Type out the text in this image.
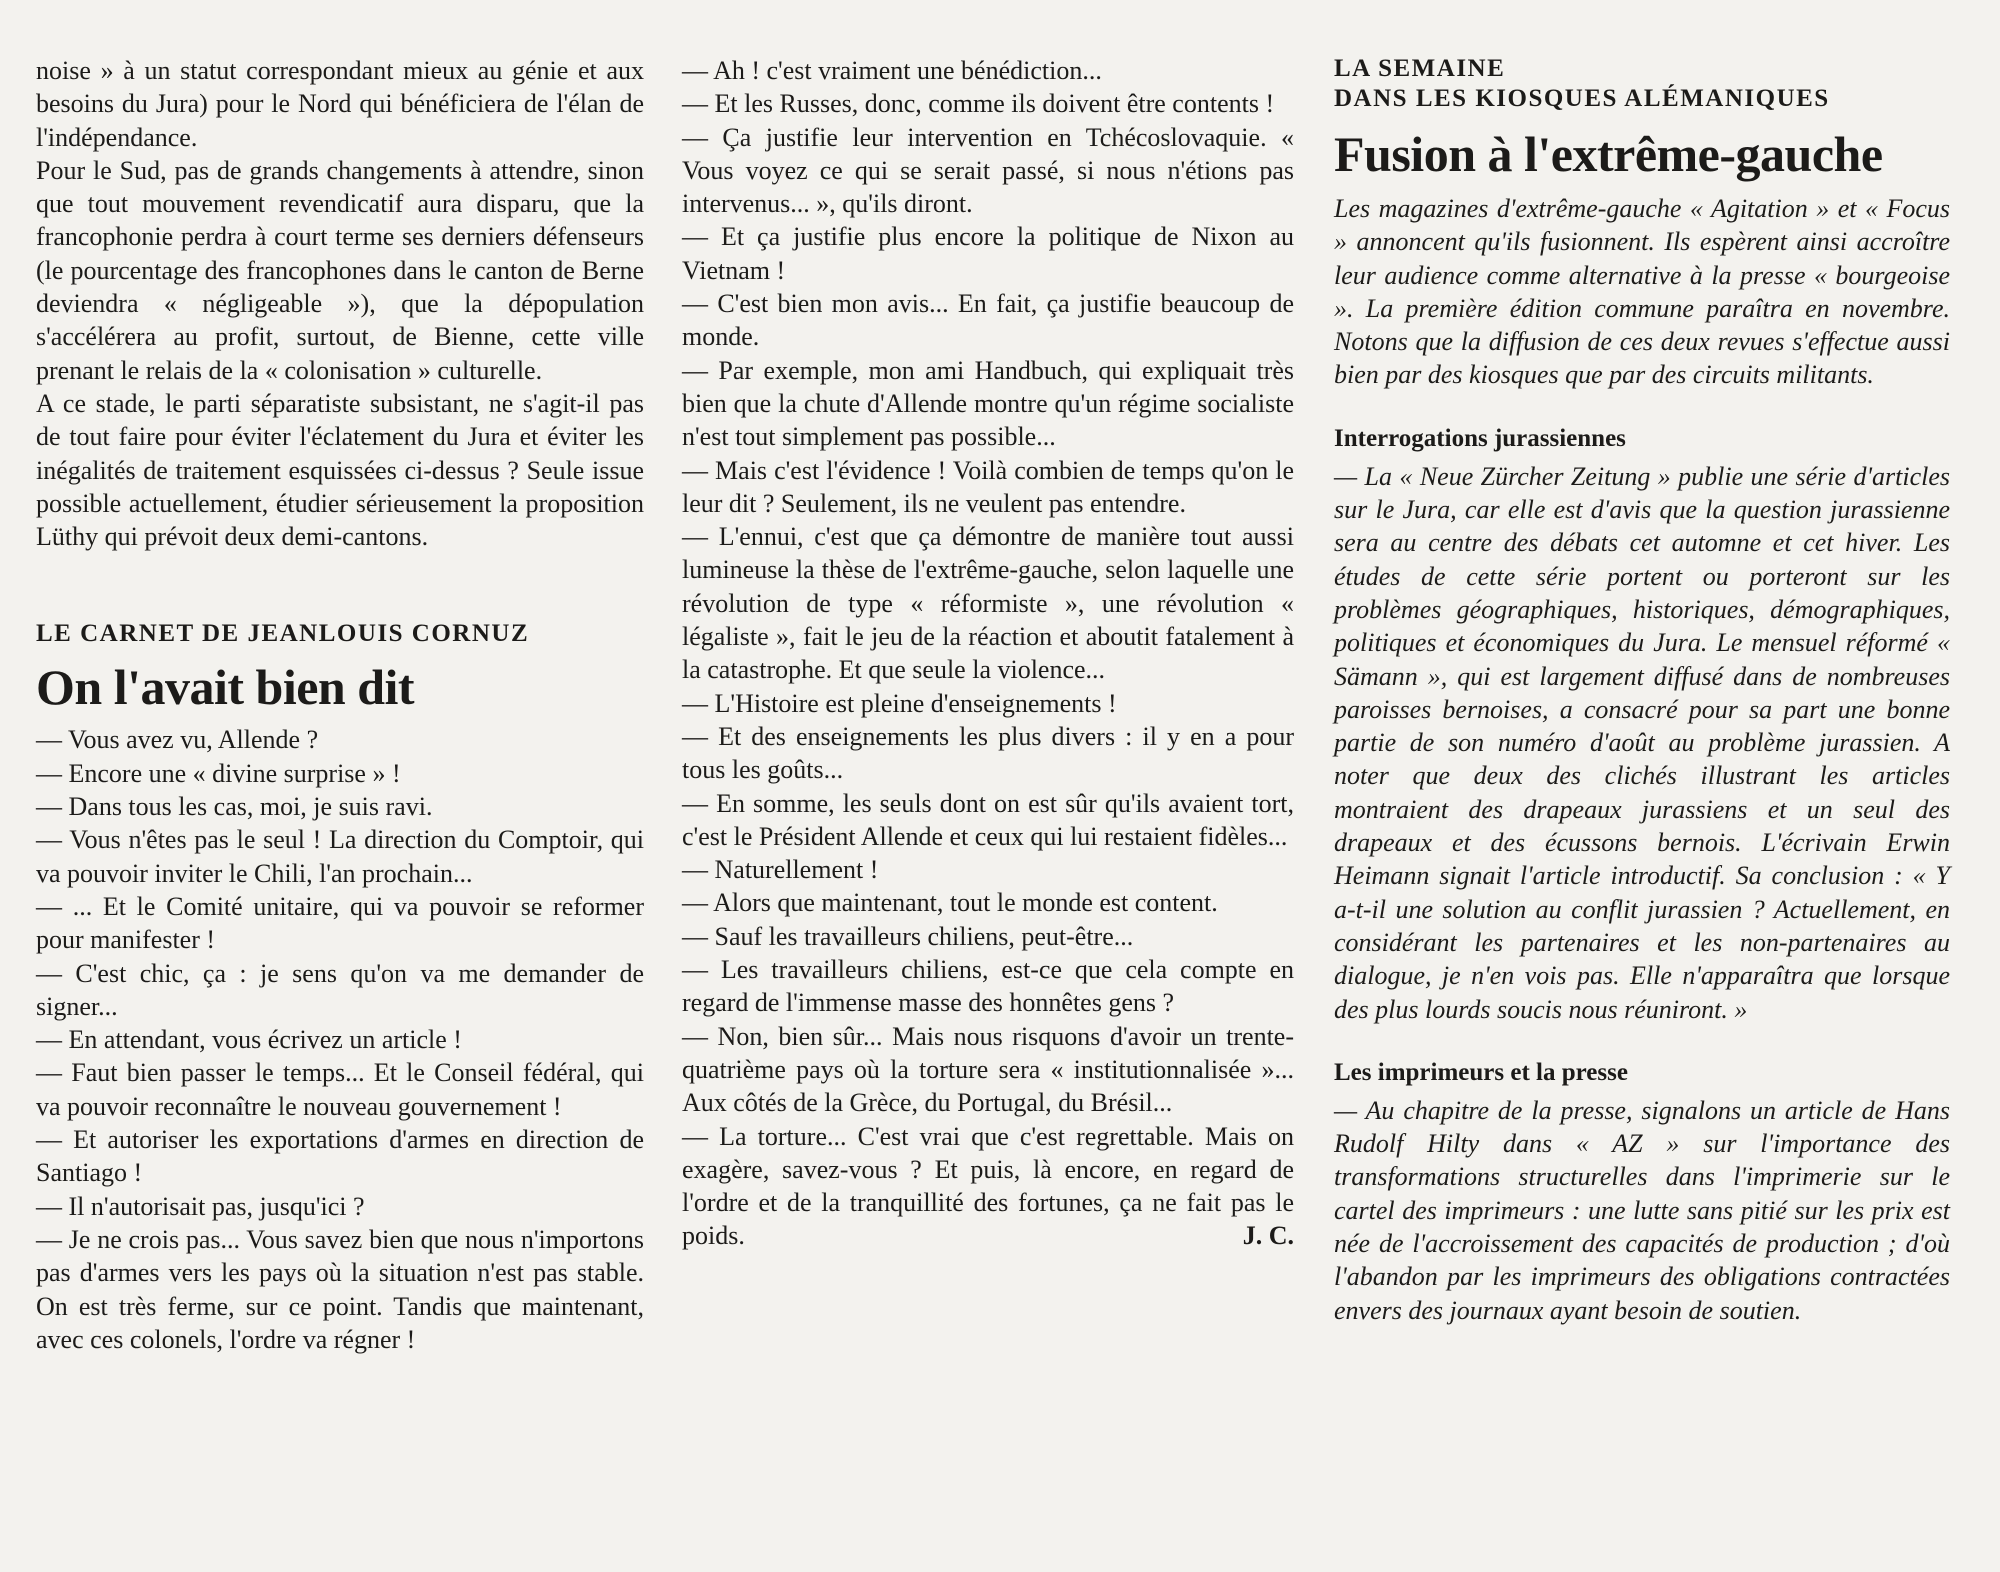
noise » à un statut correspondant mieux au génie et aux besoins du Jura) pour le Nord qui bénéficiera de l'élan de l'indépendance.

Pour le Sud, pas de grands changements à attendre, sinon que tout mouvement revendicatif aura disparu, que la francophonie perdra à court terme ses derniers défenseurs (le pourcentage des francophones dans le canton de Berne deviendra « négligeable »), que la dépopulation s'accélérera au profit, surtout, de Bienne, cette ville prenant le relais de la « colonisation » culturelle.

A ce stade, le parti séparatiste subsistant, ne s'agit-il pas de tout faire pour éviter l'éclatement du Jura et éviter les inégalités de traitement esquissées ci-dessus ? Seule issue possible actuellement, étudier sérieusement la proposition Lüthy qui prévoit deux demi-cantons.

LE CARNET DE JEANLOUIS CORNUZ
On l'avait bien dit

— Vous avez vu, Allende ?

— Encore une « divine surprise » !

— Dans tous les cas, moi, je suis ravi.

— Vous n'êtes pas le seul ! La direction du Comptoir, qui va pouvoir inviter le Chili, l'an prochain...

— ... Et le Comité unitaire, qui va pouvoir se reformer pour manifester !

— C'est chic, ça : je sens qu'on va me demander de signer...

— En attendant, vous écrivez un article !

— Faut bien passer le temps... Et le Conseil fédéral, qui va pouvoir reconnaître le nouveau gouvernement !

— Et autoriser les exportations d'armes en direction de Santiago !

— Il n'autorisait pas, jusqu'ici ?

— Je ne crois pas... Vous savez bien que nous n'importons pas d'armes vers les pays où la situation n'est pas stable. On est très ferme, sur ce point. Tandis que maintenant, avec ces colonels, l'ordre va régner !

— Ah ! c'est vraiment une bénédiction...

— Et les Russes, donc, comme ils doivent être contents !

— Ça justifie leur intervention en Tchécoslovaquie. « Vous voyez ce qui se serait passé, si nous n'étions pas intervenus... », qu'ils diront.

— Et ça justifie plus encore la politique de Nixon au Vietnam !

— C'est bien mon avis... En fait, ça justifie beaucoup de monde.

— Par exemple, mon ami Handbuch, qui expliquait très bien que la chute d'Allende montre qu'un régime socialiste n'est tout simplement pas possible...

— Mais c'est l'évidence ! Voilà combien de temps qu'on le leur dit ? Seulement, ils ne veulent pas entendre.

— L'ennui, c'est que ça démontre de manière tout aussi lumineuse la thèse de l'extrême-gauche, selon laquelle une révolution de type « réformiste », une révolution « légaliste », fait le jeu de la réaction et aboutit fatalement à la catastrophe. Et que seule la violence...

— L'Histoire est pleine d'enseignements !

— Et des enseignements les plus divers : il y en a pour tous les goûts...

— En somme, les seuls dont on est sûr qu'ils avaient tort, c'est le Président Allende et ceux qui lui restaient fidèles...

— Naturellement !

— Alors que maintenant, tout le monde est content.

— Sauf les travailleurs chiliens, peut-être...

— Les travailleurs chiliens, est-ce que cela compte en regard de l'immense masse des honnêtes gens ?

— Non, bien sûr... Mais nous risquons d'avoir un trente-quatrième pays où la torture sera « institutionnalisée »... Aux côtés de la Grèce, du Portugal, du Brésil...

— La torture... C'est vrai que c'est regrettable. Mais on exagère, savez-vous ? Et puis, là encore, en regard de l'ordre et de la tranquillité des fortunes, ça ne fait pas le poids.	J. C.

LA SEMAINE
DANS LES KIOSQUES ALÉMANIQUES
Fusion à l'extrême-gauche

Les magazines d'extrême-gauche « Agitation » et « Focus » annoncent qu'ils fusionnent. Ils espèrent ainsi accroître leur audience comme alternative à la presse « bourgeoise ». La première édition commune paraîtra en novembre. Notons que la diffusion de ces deux revues s'effectue aussi bien par des kiosques que par des circuits militants.

Interrogations jurassiennes

— La « Neue Zürcher Zeitung » publie une série d'articles sur le Jura, car elle est d'avis que la question jurassienne sera au centre des débats cet automne et cet hiver. Les études de cette série portent ou porteront sur les problèmes géographiques, historiques, démographiques, politiques et économiques du Jura. Le mensuel réformé « Sämann », qui est largement diffusé dans de nombreuses paroisses bernoises, a consacré pour sa part une bonne partie de son numéro d'août au problème jurassien. A noter que deux des clichés illustrant les articles montraient des drapeaux jurassiens et un seul des drapeaux et des écussons bernois. L'écrivain Erwin Heimann signait l'article introductif. Sa conclusion : « Y a-t-il une solution au conflit jurassien ? Actuellement, en considérant les partenaires et les non-partenaires au dialogue, je n'en vois pas. Elle n'apparaîtra que lorsque des plus lourds soucis nous réuniront. »

Les imprimeurs et la presse

— Au chapitre de la presse, signalons un article de Hans Rudolf Hilty dans « AZ » sur l'importance des transformations structurelles dans l'imprimerie sur le cartel des imprimeurs : une lutte sans pitié sur les prix est née de l'accroissement des capacités de production ; d'où l'abandon par les imprimeurs des obligations contractées envers des journaux ayant besoin de soutien.
